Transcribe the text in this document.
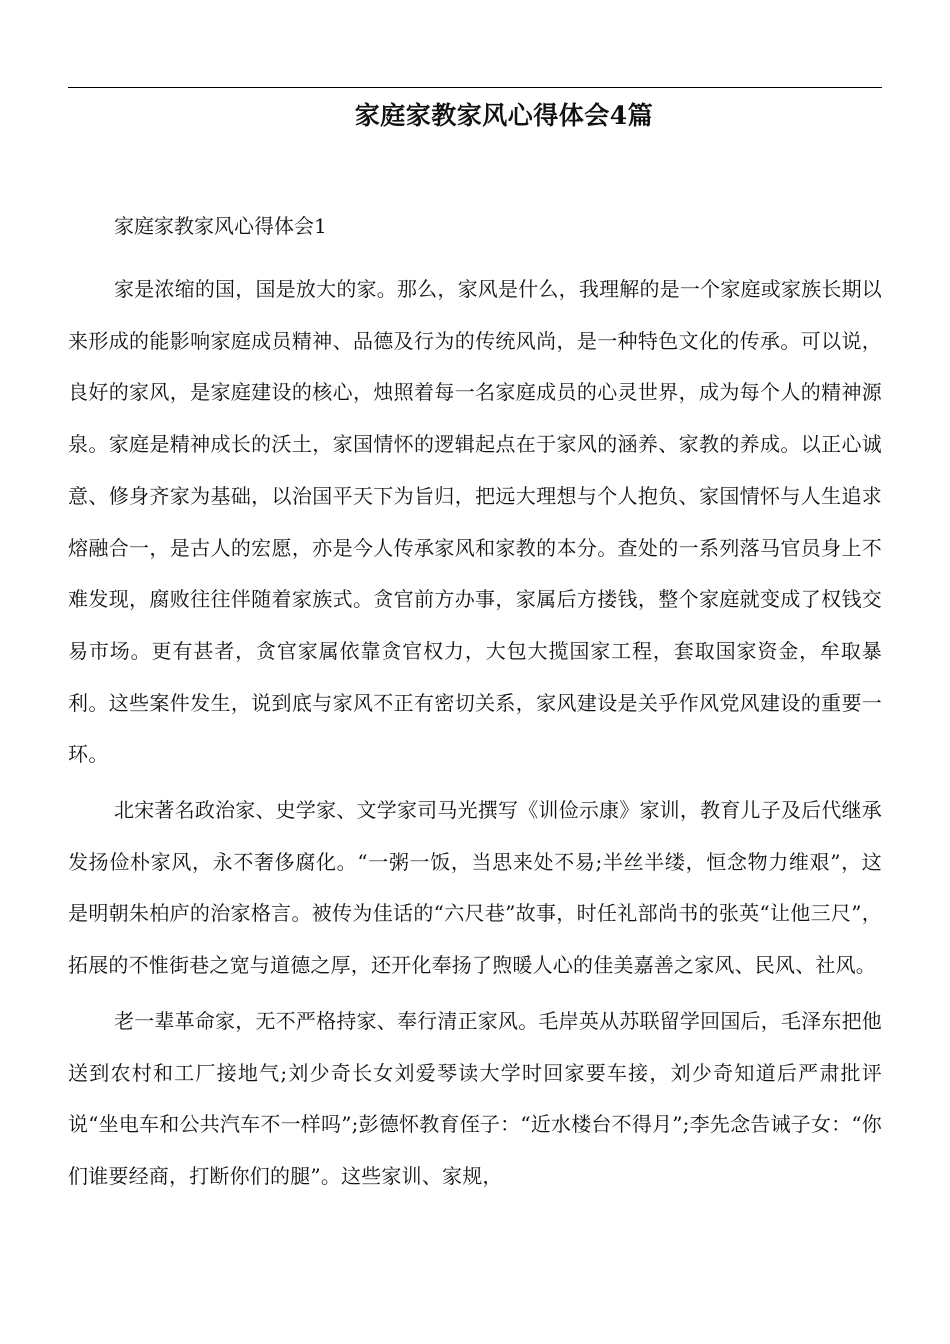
家庭家教家风心得体会4篇
家庭家教家风心得体会1

家是浓缩的国，国是放大的家。那么，家风是什么，我理解的是一个家庭或家族长期以来形成的能影响家庭成员精神、品德及行为的传统风尚，是一种特色文化的传承。可以说，良好的家风，是家庭建设的核心，烛照着每一名家庭成员的心灵世界，成为每个人的精神源泉。家庭是精神成长的沃土，家国情怀的逻辑起点在于家风的涵养、家教的养成。以正心诚意、修身齐家为基础，以治国平天下为旨归，把远大理想与个人抱负、家国情怀与人生追求熔融合一，是古人的宏愿，亦是今人传承家风和家教的本分。查处的一系列落马官员身上不难发现，腐败往往伴随着家族式。贪官前方办事，家属后方搂钱，整个家庭就变成了权钱交易市场。更有甚者，贪官家属依靠贪官权力，大包大揽国家工程，套取国家资金，牟取暴利。这些案件发生，说到底与家风不正有密切关系，家风建设是关乎作风党风建设的重要一环。

北宋著名政治家、史学家、文学家司马光撰写《训俭示康》家训，教育儿子及后代继承发扬俭朴家风，永不奢侈腐化。“一粥一饭，当思来处不易;半丝半缕，恒念物力维艰”，这是明朝朱柏庐的治家格言。被传为佳话的“六尺巷”故事，时任礼部尚书的张英“让他三尺”，拓展的不惟街巷之宽与道德之厚，还开化奉扬了煦暖人心的佳美嘉善之家风、民风、社风。

老一辈革命家，无不严格持家、奉行清正家风。毛岸英从苏联留学回国后，毛泽东把他送到农村和工厂接地气;刘少奇长女刘爱琴读大学时回家要车接，刘少奇知道后严肃批评说“坐电车和公共汽车不一样吗”;彭德怀教育侄子：“近水楼台不得月”;李先念告诫子女：“你们谁要经商，打断你们的腿”。这些家训、家规，
